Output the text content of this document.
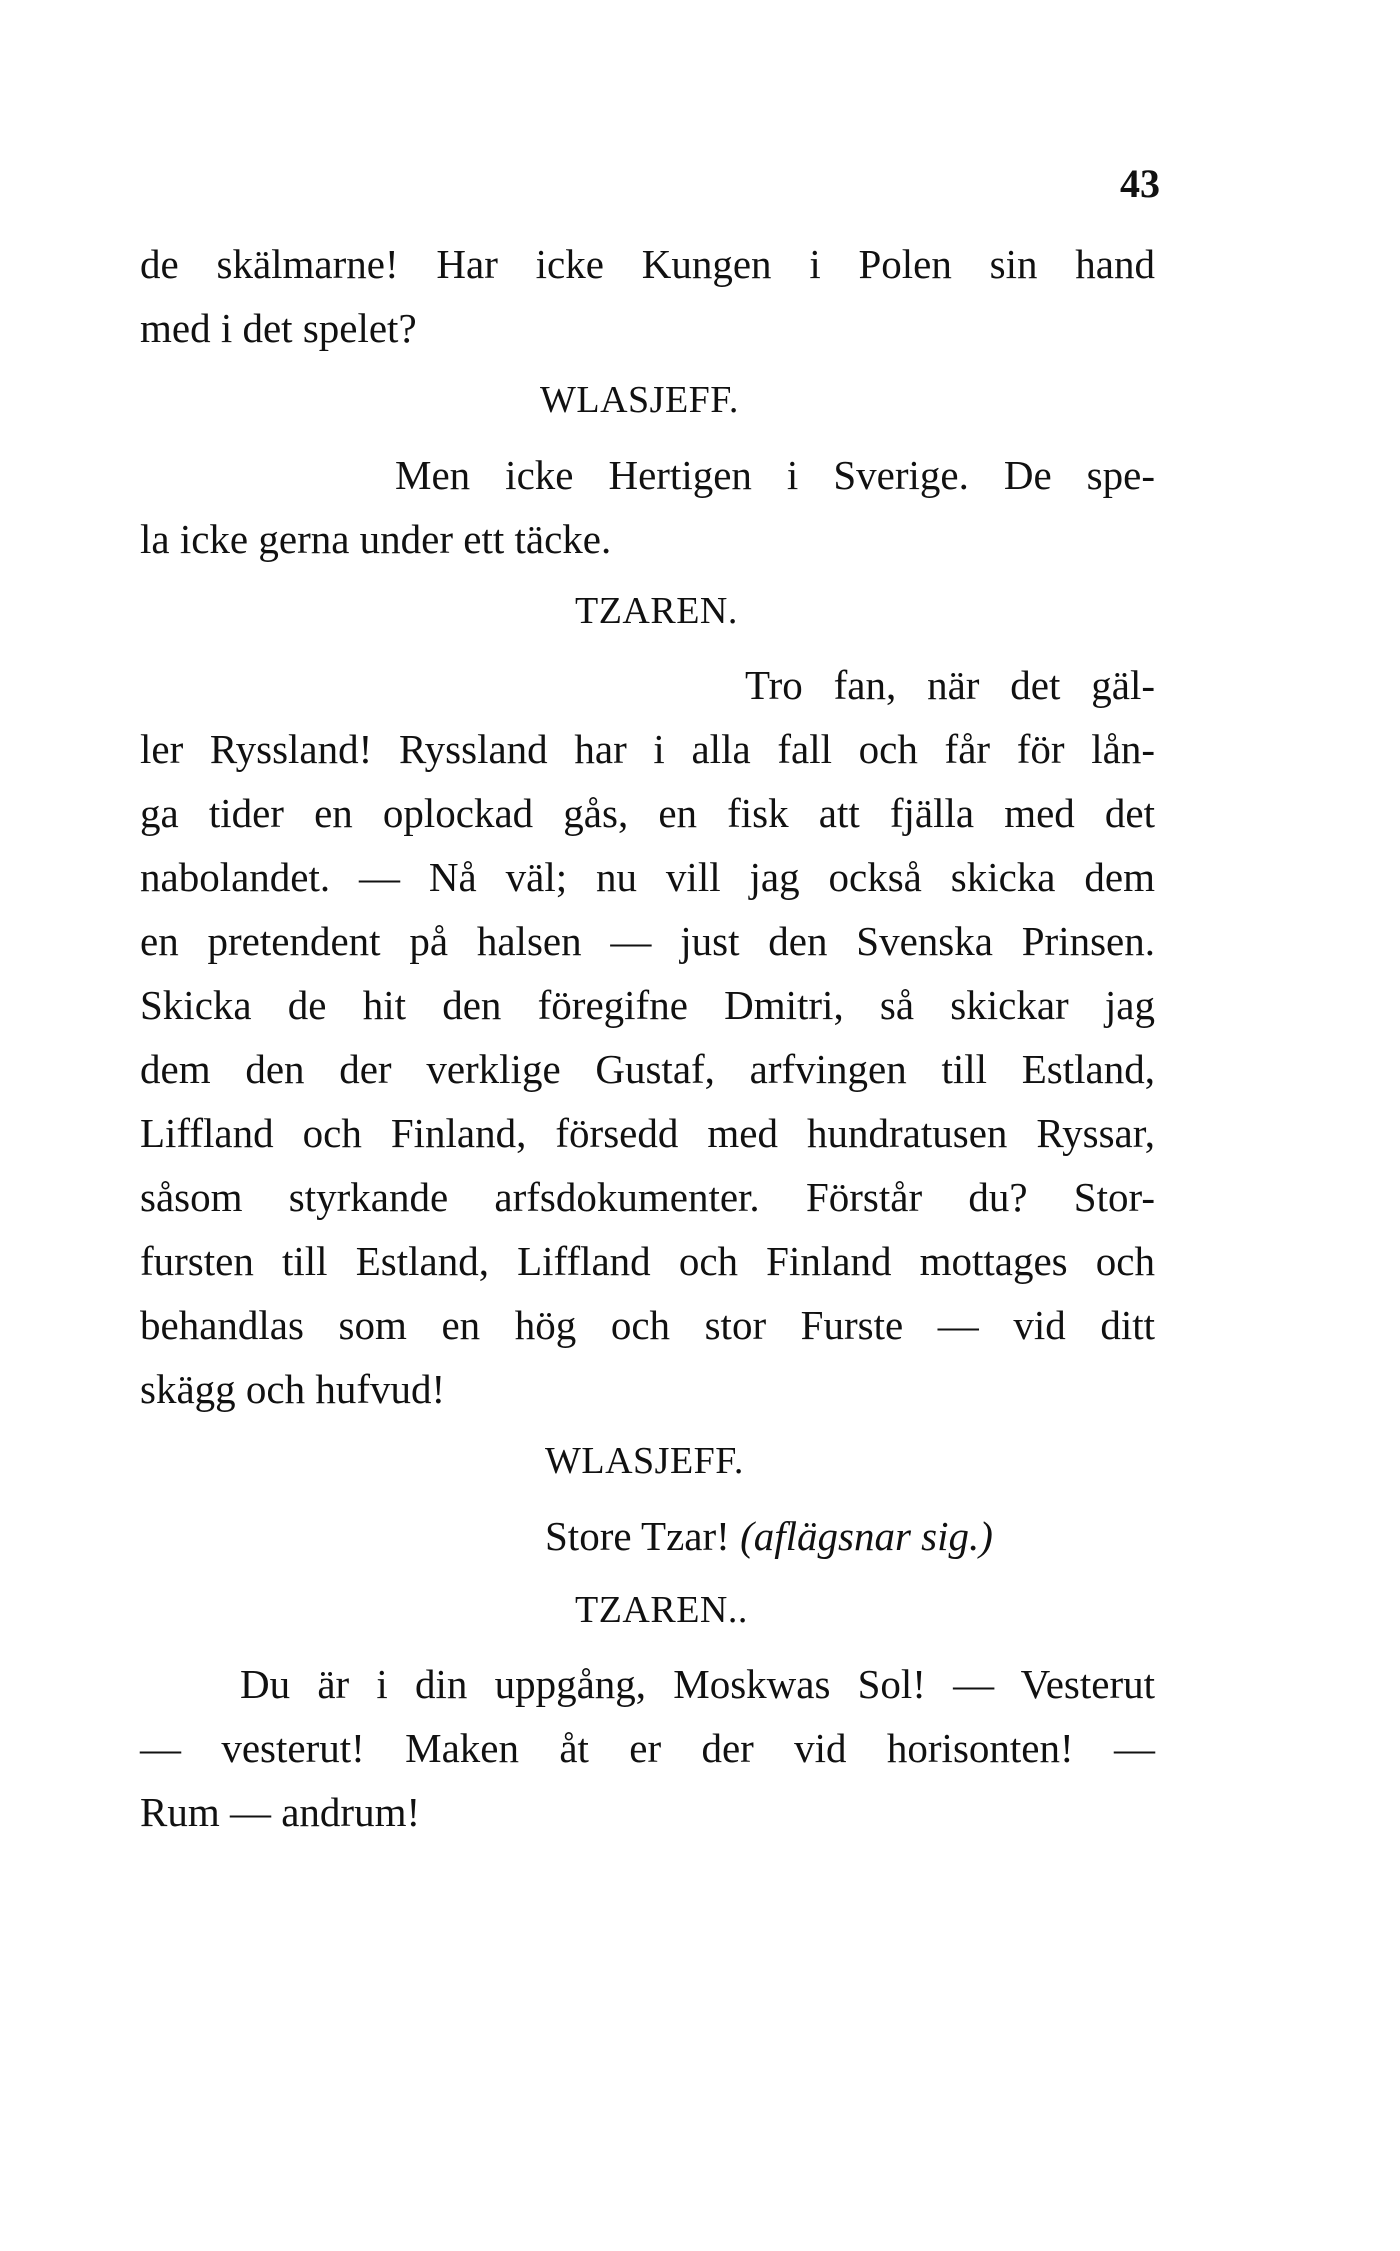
43
de skälmarne! Har icke Kungen i Polen sin hand
med i det spelet?
WLASJEFF.
Men icke Hertigen i Sverige. De spe-
la icke gerna under ett täcke.
TZAREN.
Tro fan, när det gäl-
ler Ryssland! Ryssland har i alla fall och får för lån-
ga tider en oplockad gås, en fisk att fjälla med det
nabolandet. — Nå väl; nu vill jag också skicka dem
en pretendent på halsen — just den Svenska Prinsen.
Skicka de hit den föregifne Dmitri, så skickar jag
dem den der verklige Gustaf, arfvingen till Estland,
Liffland och Finland, försedd med hundratusen Ryssar,
såsom styrkande arfsdokumenter. Förstår du? Stor-
fursten till Estland, Liffland och Finland mottages och
behandlas som en hög och stor Furste — vid ditt
skägg och hufvud!
WLASJEFF.
Store Tzar! (aflägsnar sig.)
TZAREN..
Du är i din uppgång, Moskwas Sol! — Vesterut
— vesterut! Maken åt er der vid horisonten! —
Rum — andrum!
